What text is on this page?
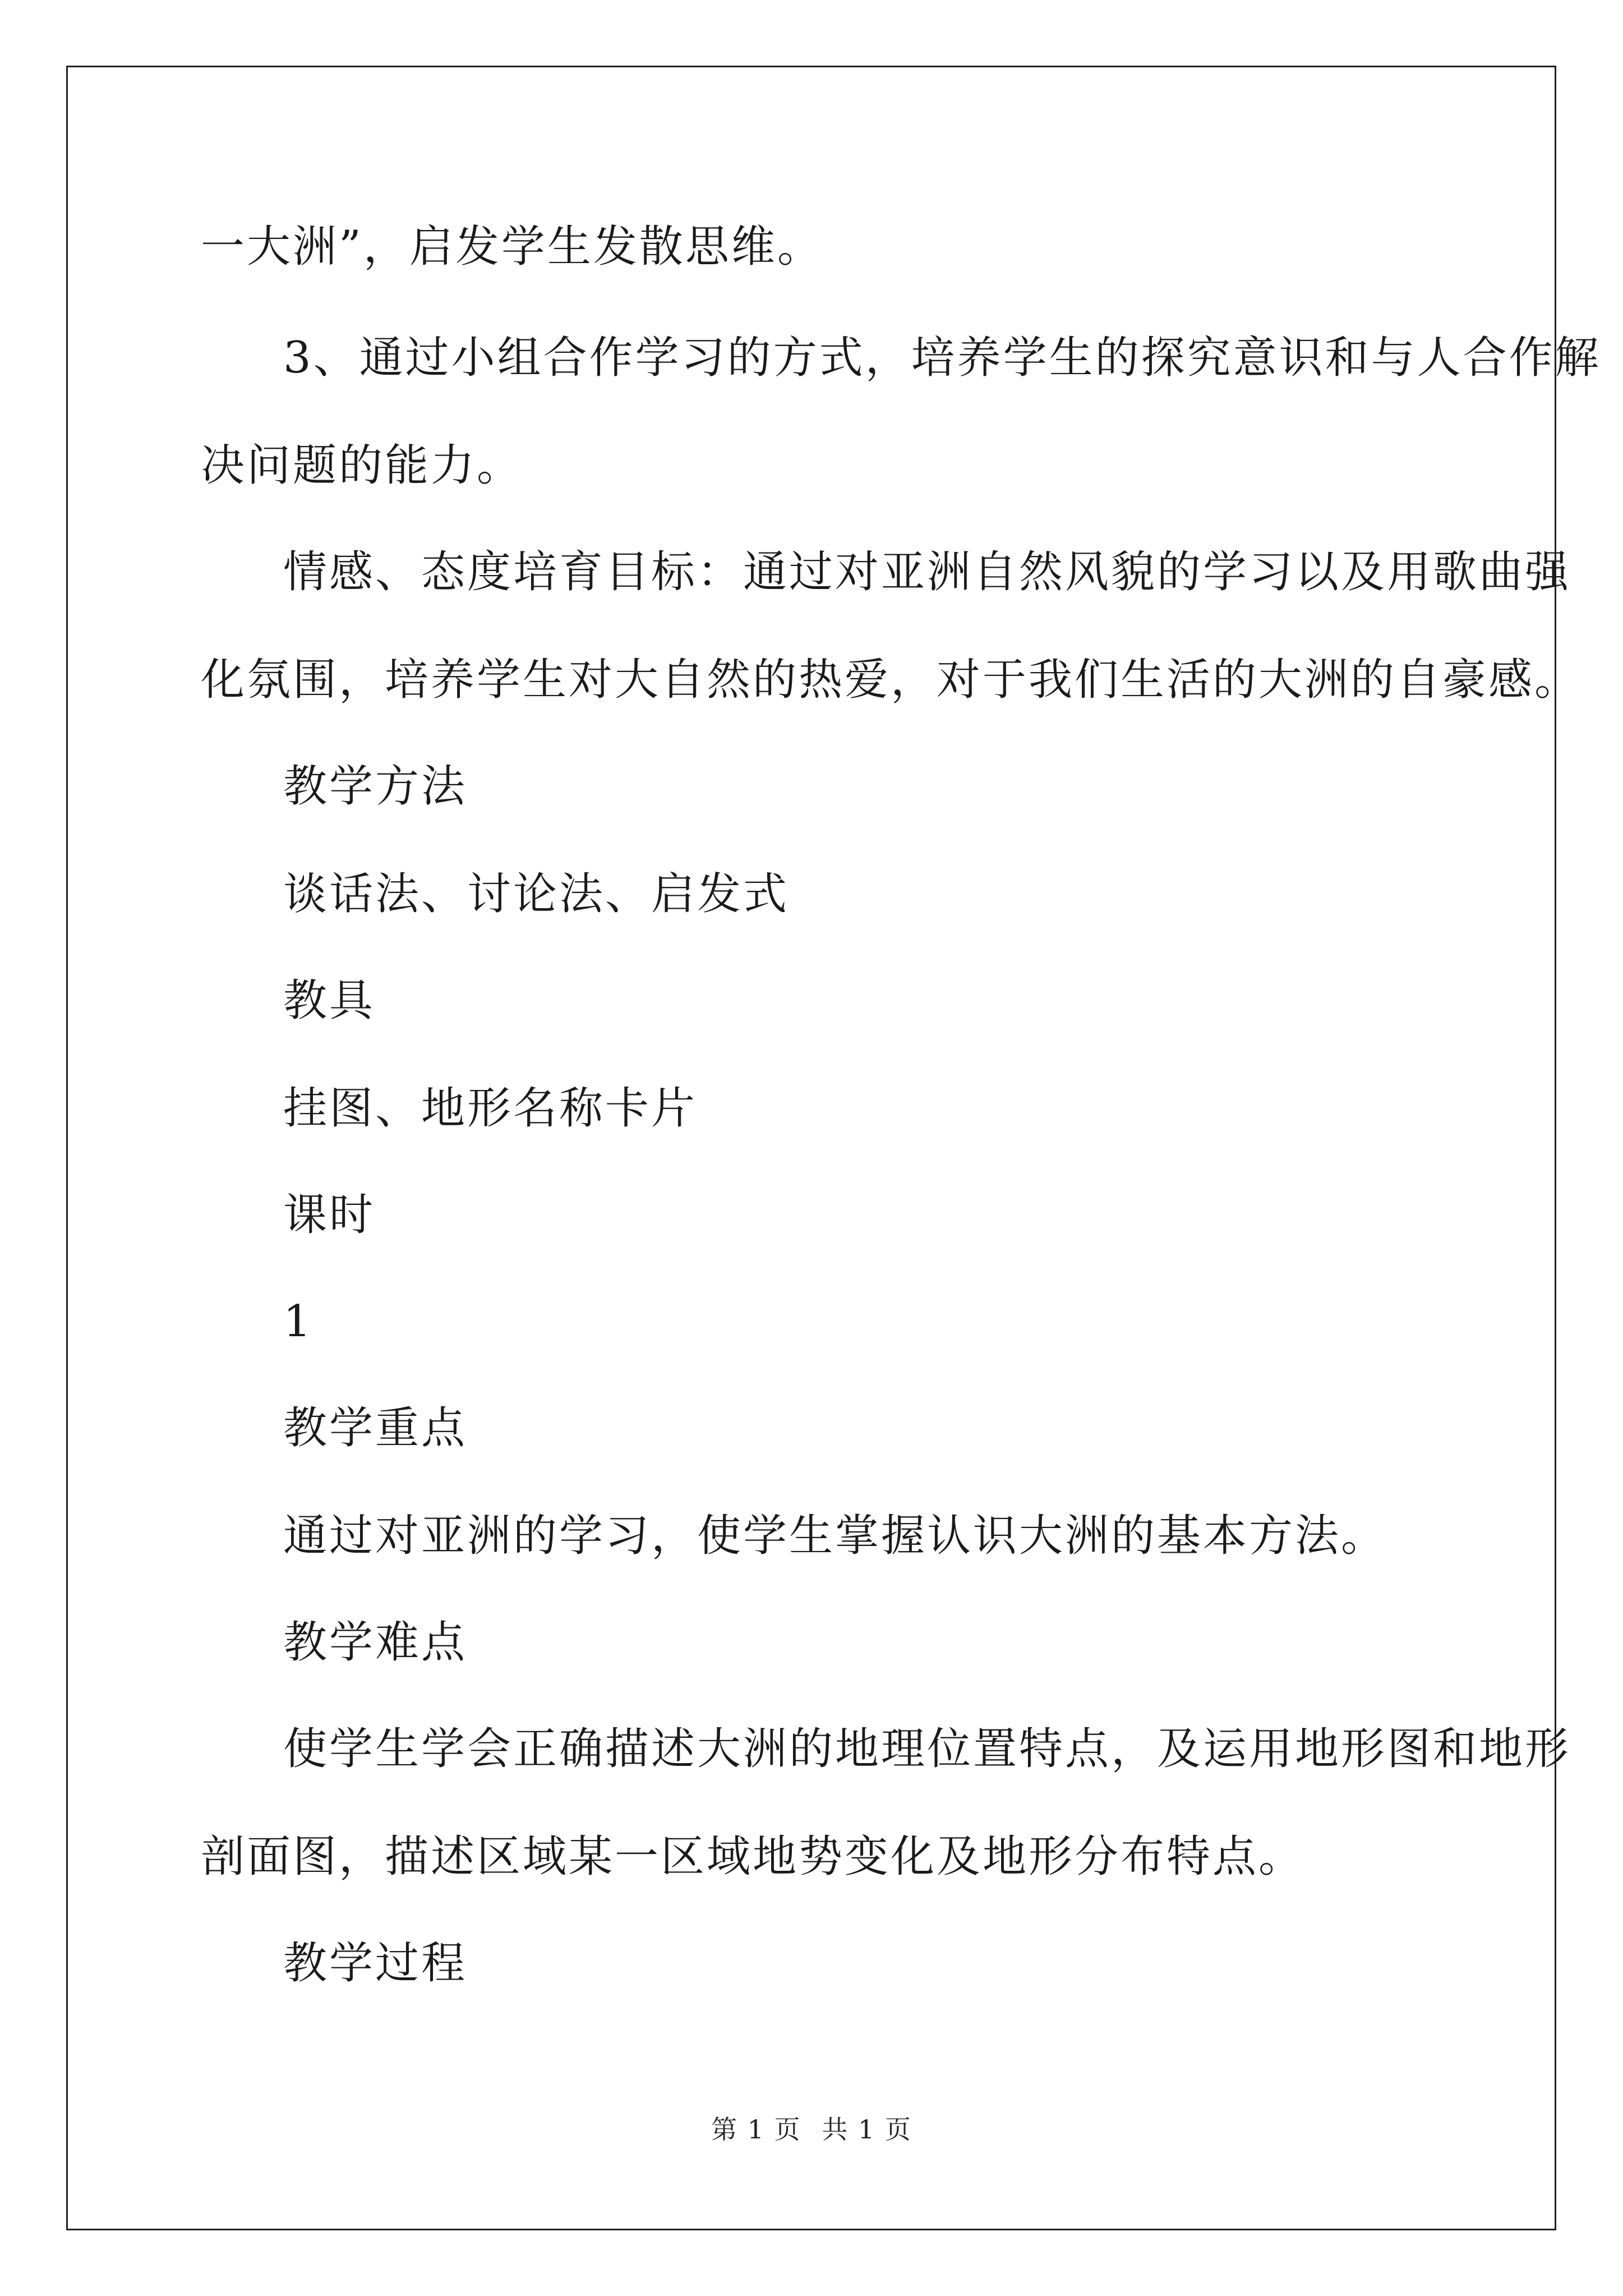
一大洲”，启发学生发散思维。
3、通过小组合作学习的方式，培养学生的探究意识和与人合作解
决问题的能力。
情感、态度培育目标：通过对亚洲自然风貌的学习以及用歌曲强
化氛围，培养学生对大自然的热爱，对于我们生活的大洲的自豪感。
教学方法
谈话法、讨论法、启发式
教具
挂图、地形名称卡片
课时
1
教学重点
通过对亚洲的学习，使学生掌握认识大洲的基本方法。
教学难点
使学生学会正确描述大洲的地理位置特点，及运用地形图和地形
剖面图，描述区域某一区域地势变化及地形分布特点。
教学过程
第 1 页 共 1 页
